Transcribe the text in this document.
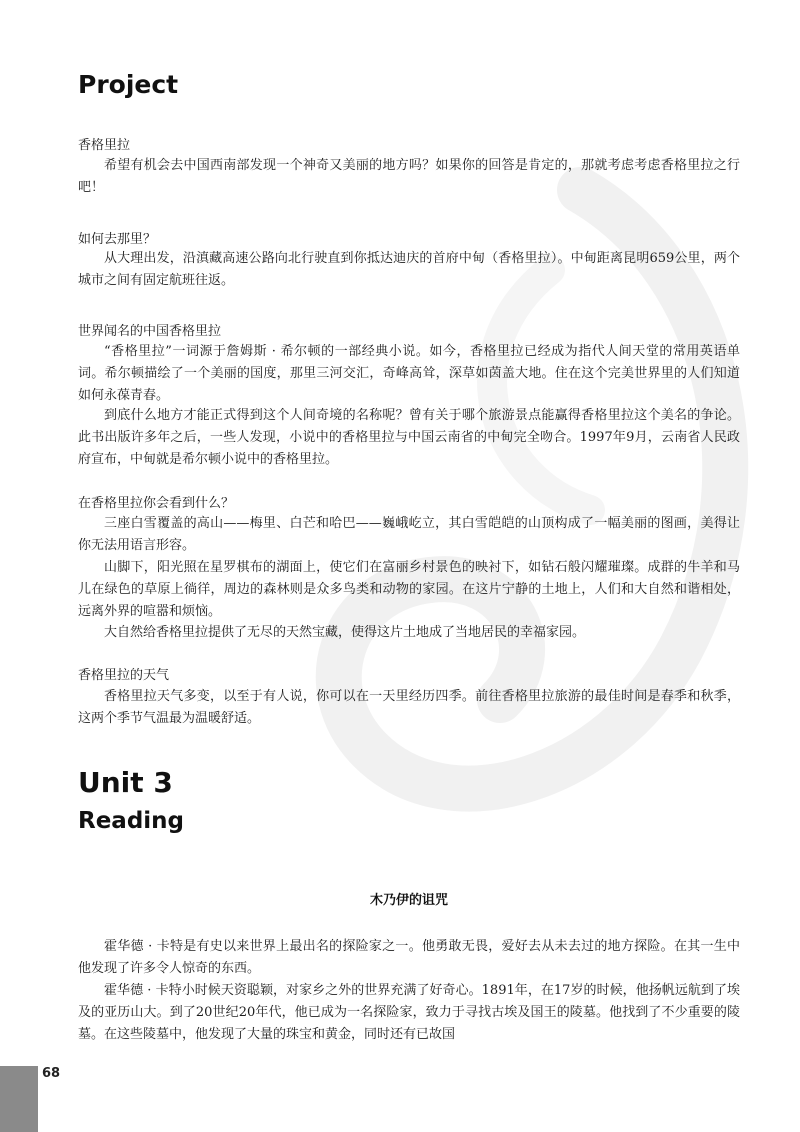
Project
香格里拉

希望有机会去中国西南部发现一个神奇又美丽的地方吗？如果你的回答是肯定的，那就考虑考虑香格里拉之行吧！

如何去那里？

从大理出发，沿滇藏高速公路向北行驶直到你抵达迪庆的首府中甸（香格里拉）。中甸距离昆明659公里，两个城市之间有固定航班往返。

世界闻名的中国香格里拉

“香格里拉”一词源于詹姆斯 · 希尔顿的一部经典小说。如今，香格里拉已经成为指代人间天堂的常用英语单词。希尔顿描绘了一个美丽的国度，那里三河交汇，奇峰高耸，深草如茵盖大地。住在这个完美世界里的人们知道如何永葆青春。

到底什么地方才能正式得到这个人间奇境的名称呢？曾有关于哪个旅游景点能赢得香格里拉这个美名的争论。此书出版许多年之后，一些人发现，小说中的香格里拉与中国云南省的中甸完全吻合。1997年9月，云南省人民政府宣布，中甸就是希尔顿小说中的香格里拉。

在香格里拉你会看到什么？

三座白雪覆盖的高山——梅里、白芒和哈巴——巍峨屹立，其白雪皑皑的山顶构成了一幅美丽的图画，美得让你无法用语言形容。

山脚下，阳光照在星罗棋布的湖面上，使它们在富丽乡村景色的映衬下，如钻石般闪耀璀璨。成群的牛羊和马儿在绿色的草原上徜徉，周边的森林则是众多鸟类和动物的家园。在这片宁静的土地上，人们和大自然和谐相处，远离外界的喧嚣和烦恼。

大自然给香格里拉提供了无尽的天然宝藏，使得这片土地成了当地居民的幸福家园。

香格里拉的天气

香格里拉天气多变，以至于有人说，你可以在一天里经历四季。前往香格里拉旅游的最佳时间是春季和秋季，这两个季节气温最为温暖舒适。

Unit 3
Reading
木乃伊的诅咒

霍华德 · 卡特是有史以来世界上最出名的探险家之一。他勇敢无畏，爱好去从未去过的地方探险。在其一生中他发现了许多令人惊奇的东西。

霍华德 · 卡特小时候天资聪颖，对家乡之外的世界充满了好奇心。1891年，在17岁的时候，他扬帆远航到了埃及的亚历山大。到了20世纪20年代，他已成为一名探险家，致力于寻找古埃及国王的陵墓。他找到了不少重要的陵墓。在这些陵墓中，他发现了大量的珠宝和黄金，同时还有已故国

68
